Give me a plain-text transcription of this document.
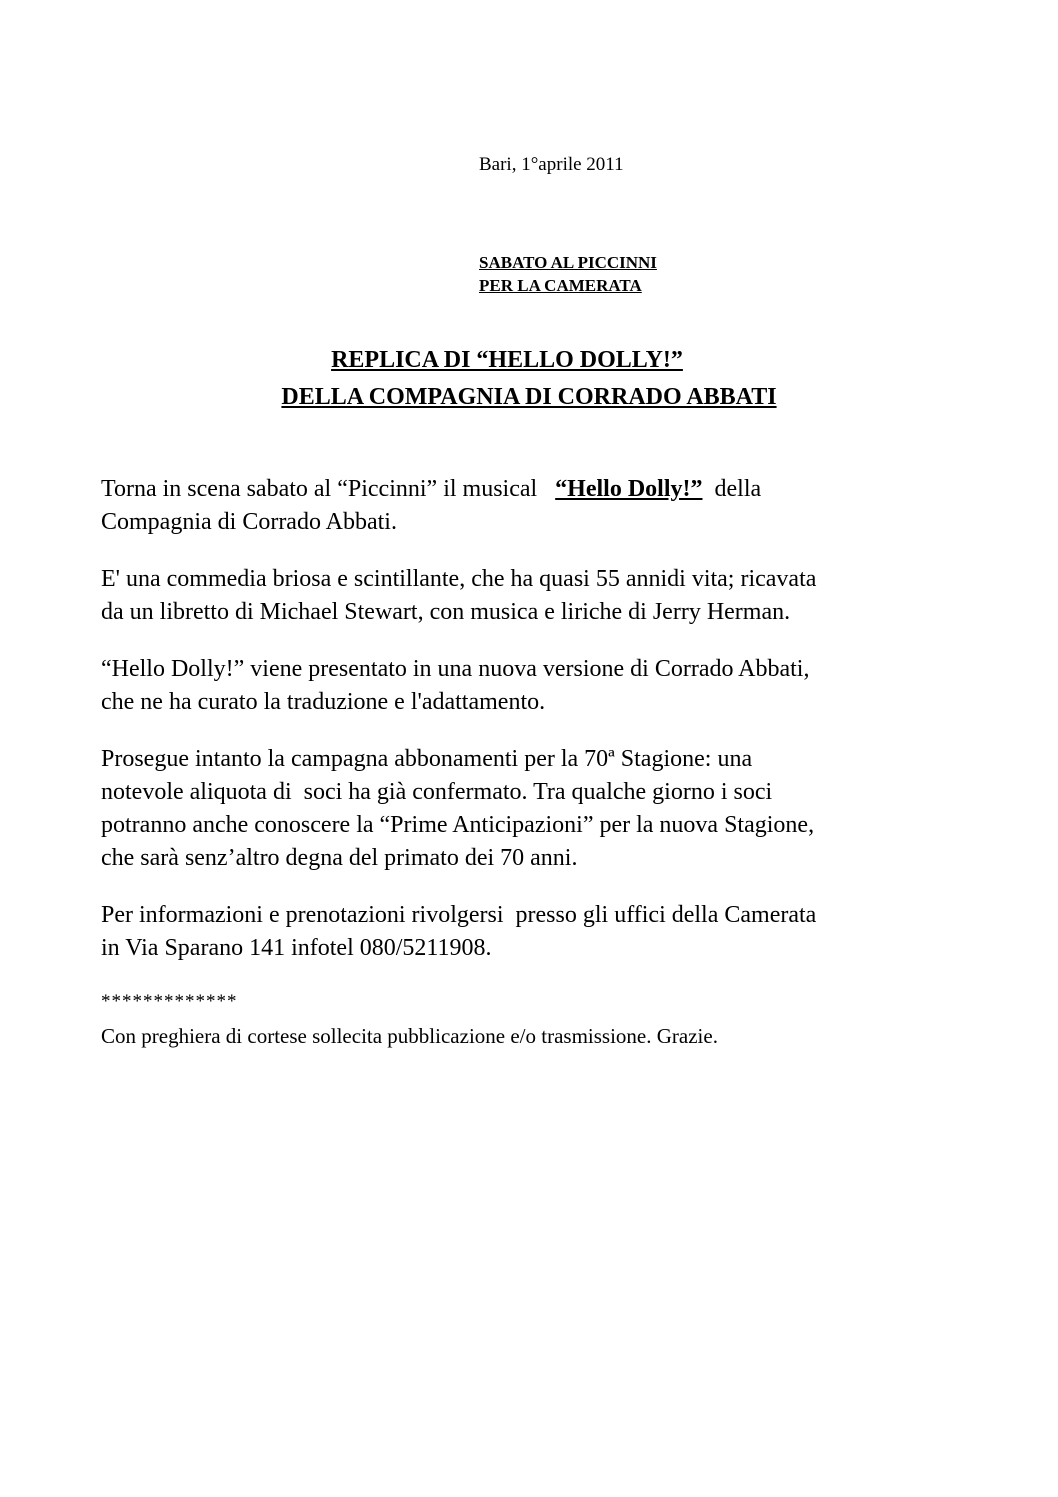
Bari, 1°aprile 2011

SABATO AL PICCINNI

PER LA CAMERATA

REPLICA DI “HELLO DOLLY!”

DELLA COMPAGNIA DI CORRADO ABBATI

Torna in scena sabato al “Piccinni” il musical   “Hello Dolly!”  della

Compagnia di Corrado Abbati.

E' una commedia briosa e scintillante, che ha quasi 55 annidi vita; ricavata

da un libretto di Michael Stewart, con musica e liriche di Jerry Herman.

“Hello Dolly!” viene presentato in una nuova versione di Corrado Abbati,

che ne ha curato la traduzione e l'adattamento.

Prosegue intanto la campagna abbonamenti per la 70ª Stagione: una

notevole aliquota di  soci ha già confermato. Tra qualche giorno i soci

potranno anche conoscere la “Prime Anticipazioni” per la nuova Stagione,

che sarà senz’altro degna del primato dei 70 anni.

Per informazioni e prenotazioni rivolgersi  presso gli uffici della Camerata

in Via Sparano 141 infotel 080/5211908.

*************

Con preghiera di cortese sollecita pubblicazione e/o trasmissione. Grazie.
